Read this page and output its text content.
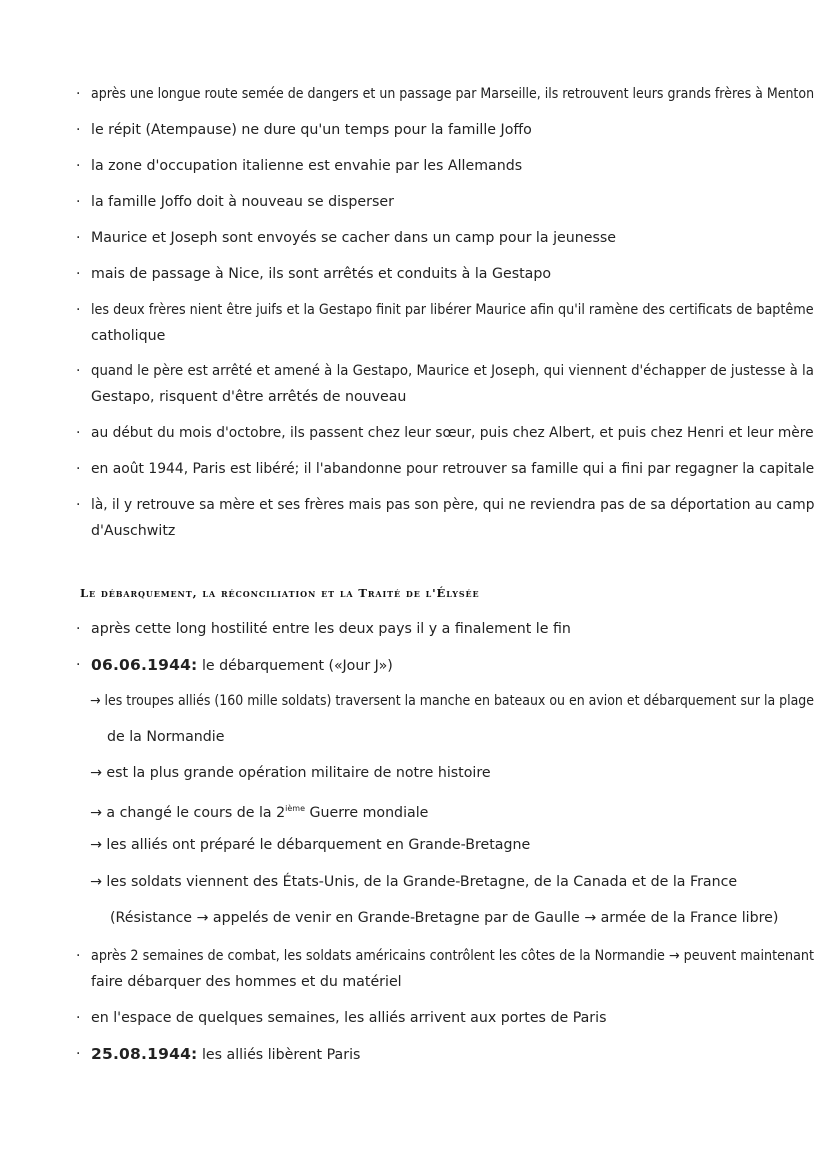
· après une longue route semée de dangers et un passage par Marseille, ils retrouvent leurs grands frères à Menton
· le répit (Atempause) ne dure qu'un temps pour la famille Joffo
· la zone d'occupation italienne est envahie par les Allemands
· la famille Joffo doit à nouveau se disperser
· Maurice et Joseph sont envoyés se cacher dans un camp pour la jeunesse
· mais de passage à Nice, ils sont arrêtés et conduits à la Gestapo
· les deux frères nient être juifs et la Gestapo finit par libérer Maurice afin qu'il ramène des certificats de baptême
catholique
· quand le père est arrêté et amené à la Gestapo, Maurice et Joseph, qui viennent d'échapper de justesse à la
Gestapo, risquent d'être arrêtés de nouveau
· au début du mois d'octobre, ils passent chez leur sœur, puis chez Albert, et puis chez Henri et leur mère
· en août 1944, Paris est libéré; il l'abandonne pour retrouver sa famille qui a fini par regagner la capitale
· là, il y retrouve sa mère et ses frères mais pas son père, qui ne reviendra pas de sa déportation au camp
d'Auschwitz
Le débarquement, la réconciliation et la Traité de l'Élysée
· après cette long hostilité entre les deux pays il y a finalement le fin
· 06.06.1944: le débarquement («Jour J»)
→ les troupes alliés (160 mille soldats) traversent la manche en bateaux ou en avion et débarquement sur la plage
de la Normandie
→ est la plus grande opération militaire de notre histoire
→ a changé le cours de la 2ième Guerre mondiale
→ les alliés ont préparé le débarquement en Grande-Bretagne
→ les soldats viennent des États-Unis, de la Grande-Bretagne, de la Canada et de la France
(Résistance → appelés de venir en Grande-Bretagne par de Gaulle → armée de la France libre)
· après 2 semaines de combat, les soldats américains contrôlent les côtes de la Normandie → peuvent maintenant
faire débarquer des hommes et du matériel
· en l'espace de quelques semaines, les alliés arrivent aux portes de Paris
· 25.08.1944: les alliés libèrent Paris
